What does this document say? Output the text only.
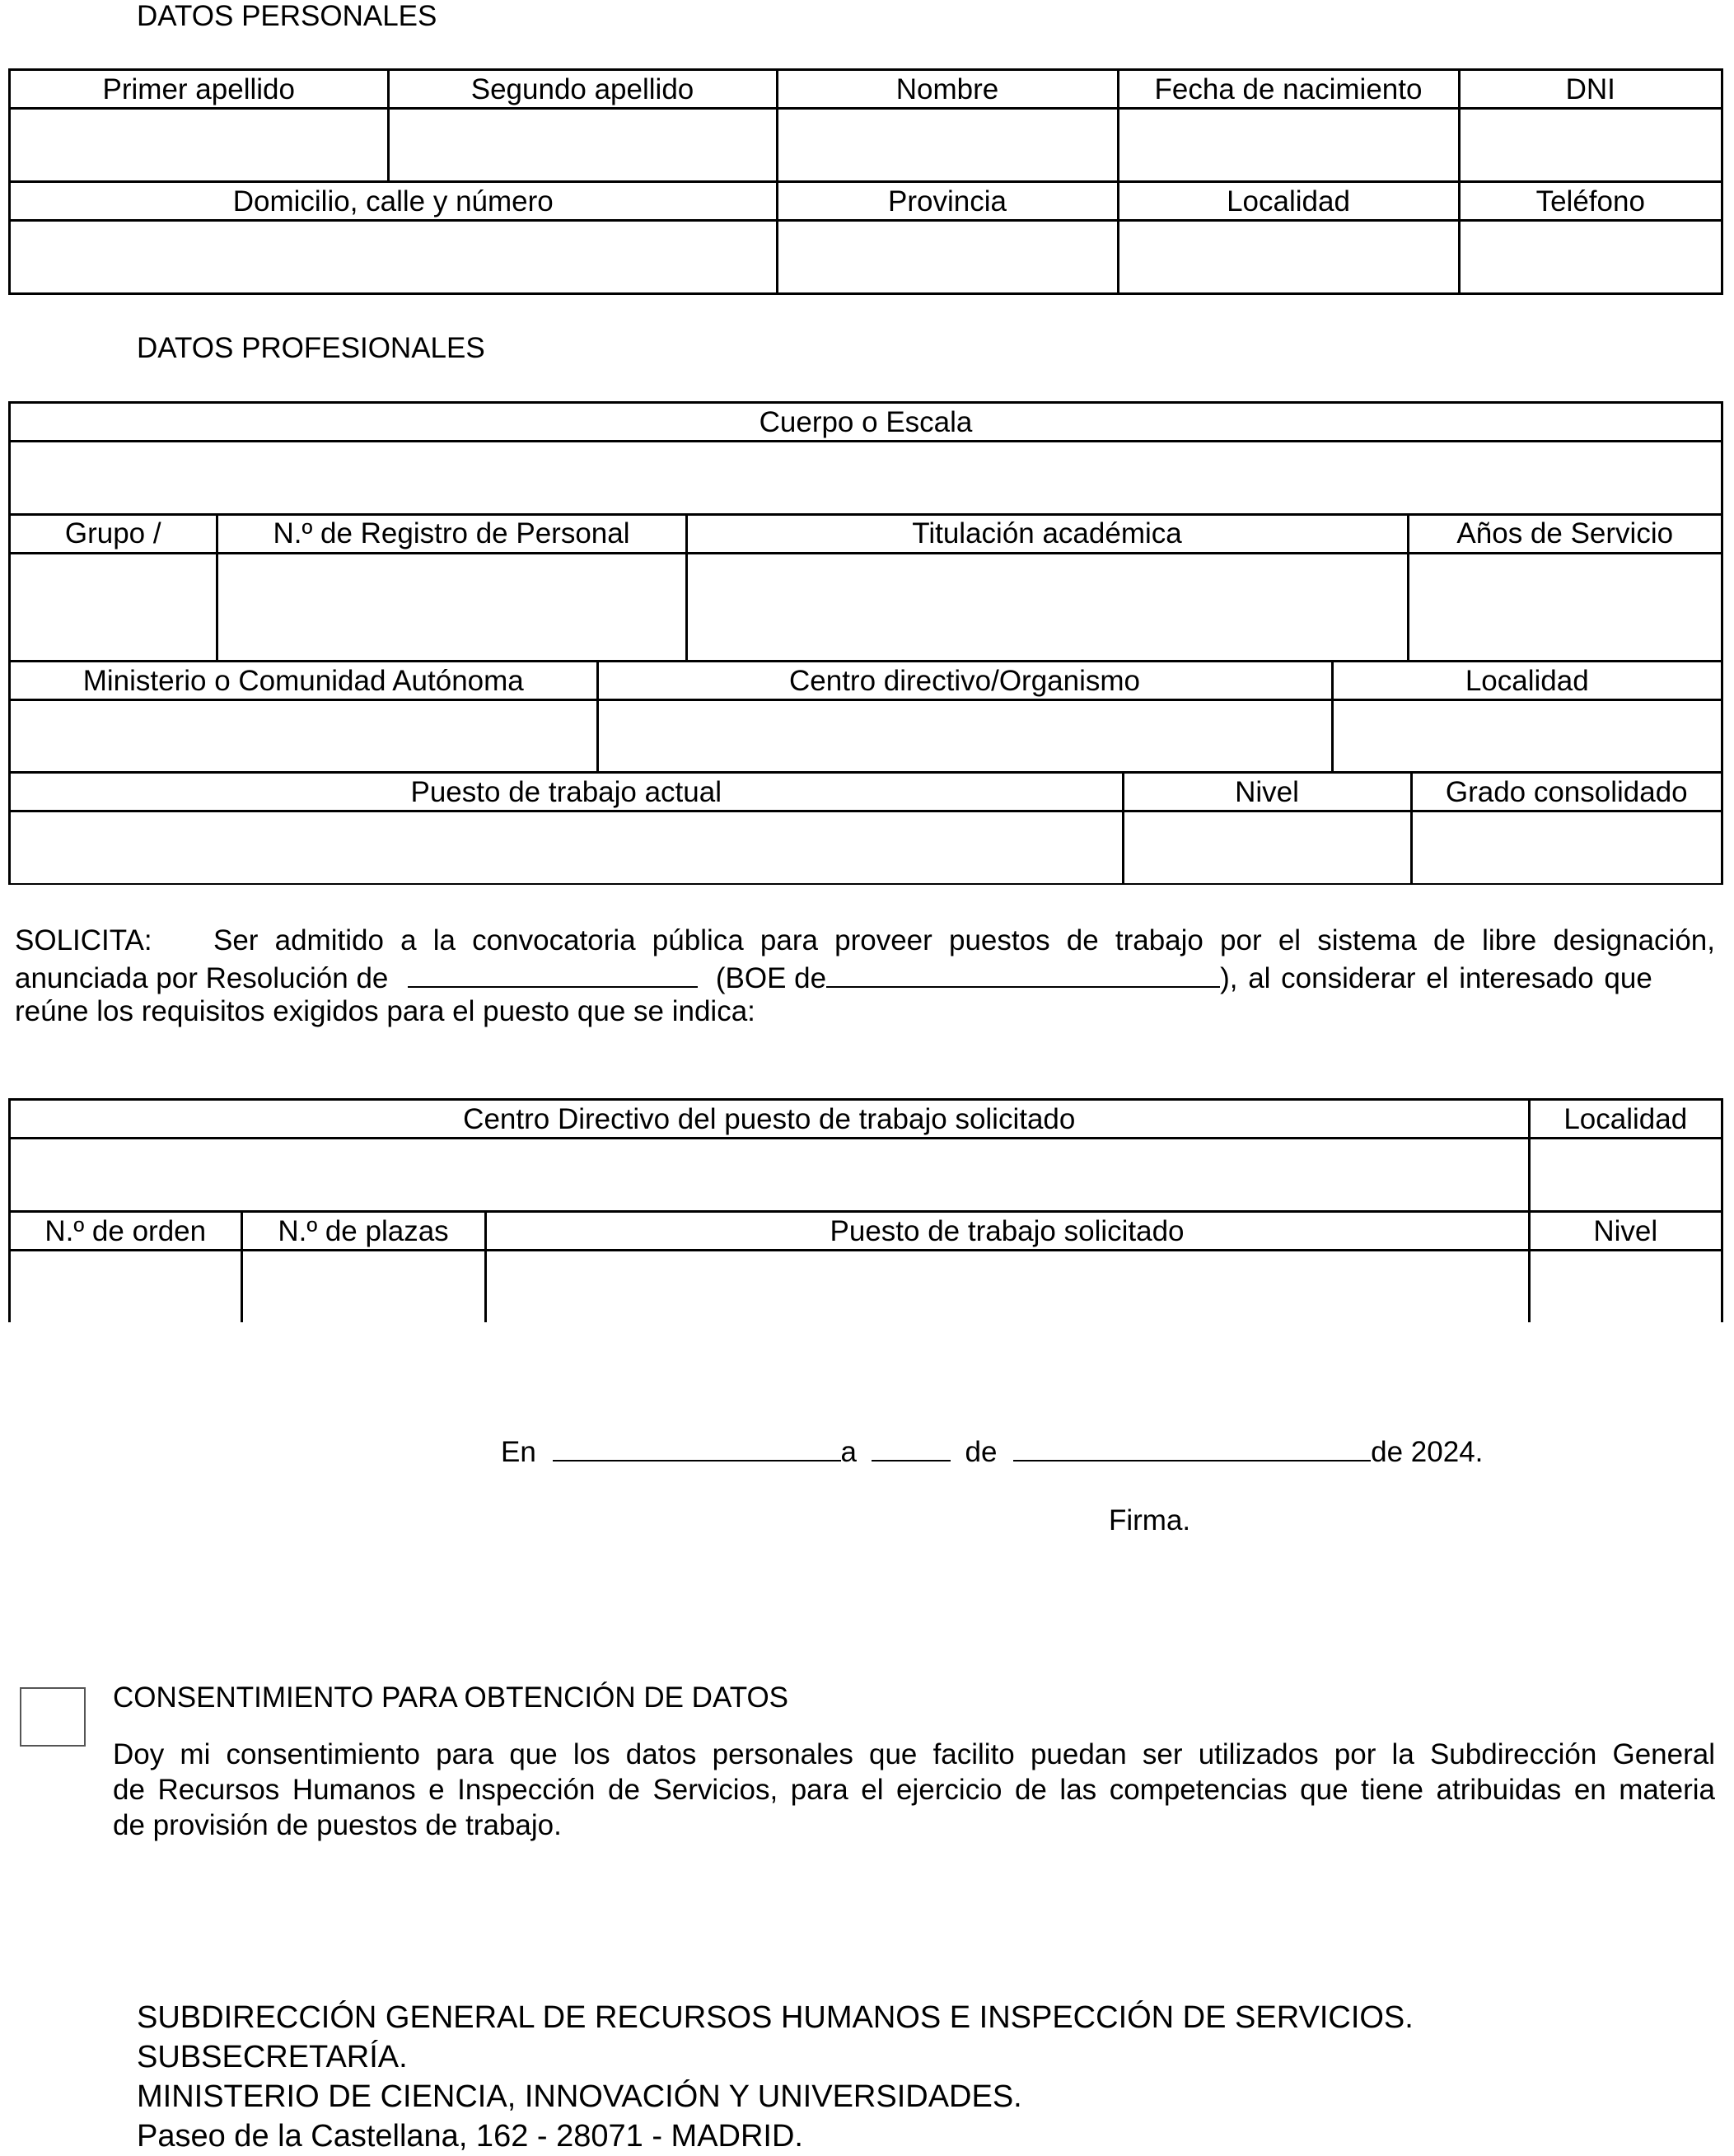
DATOS PERSONALES
Primer apellido	Segundo apellido	Nombre	Fecha de nacimiento	DNI

Domicilio, calle y número		Provincia	Localidad	Teléfono

DATOS PROFESIONALES
Cuerpo o Escala

Grupo /	N.º de Registro de Personal	Titulación académica	Años de Servicio

Ministerio o Comunidad Autónoma	Centro directivo/Organismo	Localidad

Puesto de trabajo actual	Nivel	Grado consolidado

SOLICITA: Ser admitido a la convocatoria pública para proveer puestos de trabajo por el sistema de libre designación,
anunciada por Resolución de	(BOE de	), al considerar el interesado que
reúne los requisitos exigidos para el puesto que se indica:
Centro Directivo del puesto de trabajo solicitado			Localidad

N.º de orden	N.º de plazas	Puesto de trabajo solicitado	Nivel

En	a	de	de 2024.
Firma.
CONSENTIMIENTO PARA OBTENCIÓN DE DATOS
Doy mi consentimiento para que los datos personales que facilito puedan ser utilizados por la Subdirección General
de Recursos Humanos e Inspección de Servicios, para el ejercicio de las competencias que tiene atribuidas en materia
de provisión de puestos de trabajo.
SUBDIRECCIÓN GENERAL DE RECURSOS HUMANOS E INSPECCIÓN DE SERVICIOS.
SUBSECRETARÍA.
MINISTERIO DE CIENCIA, INNOVACIÓN Y UNIVERSIDADES.
Paseo de la Castellana, 162 - 28071 - MADRID.
